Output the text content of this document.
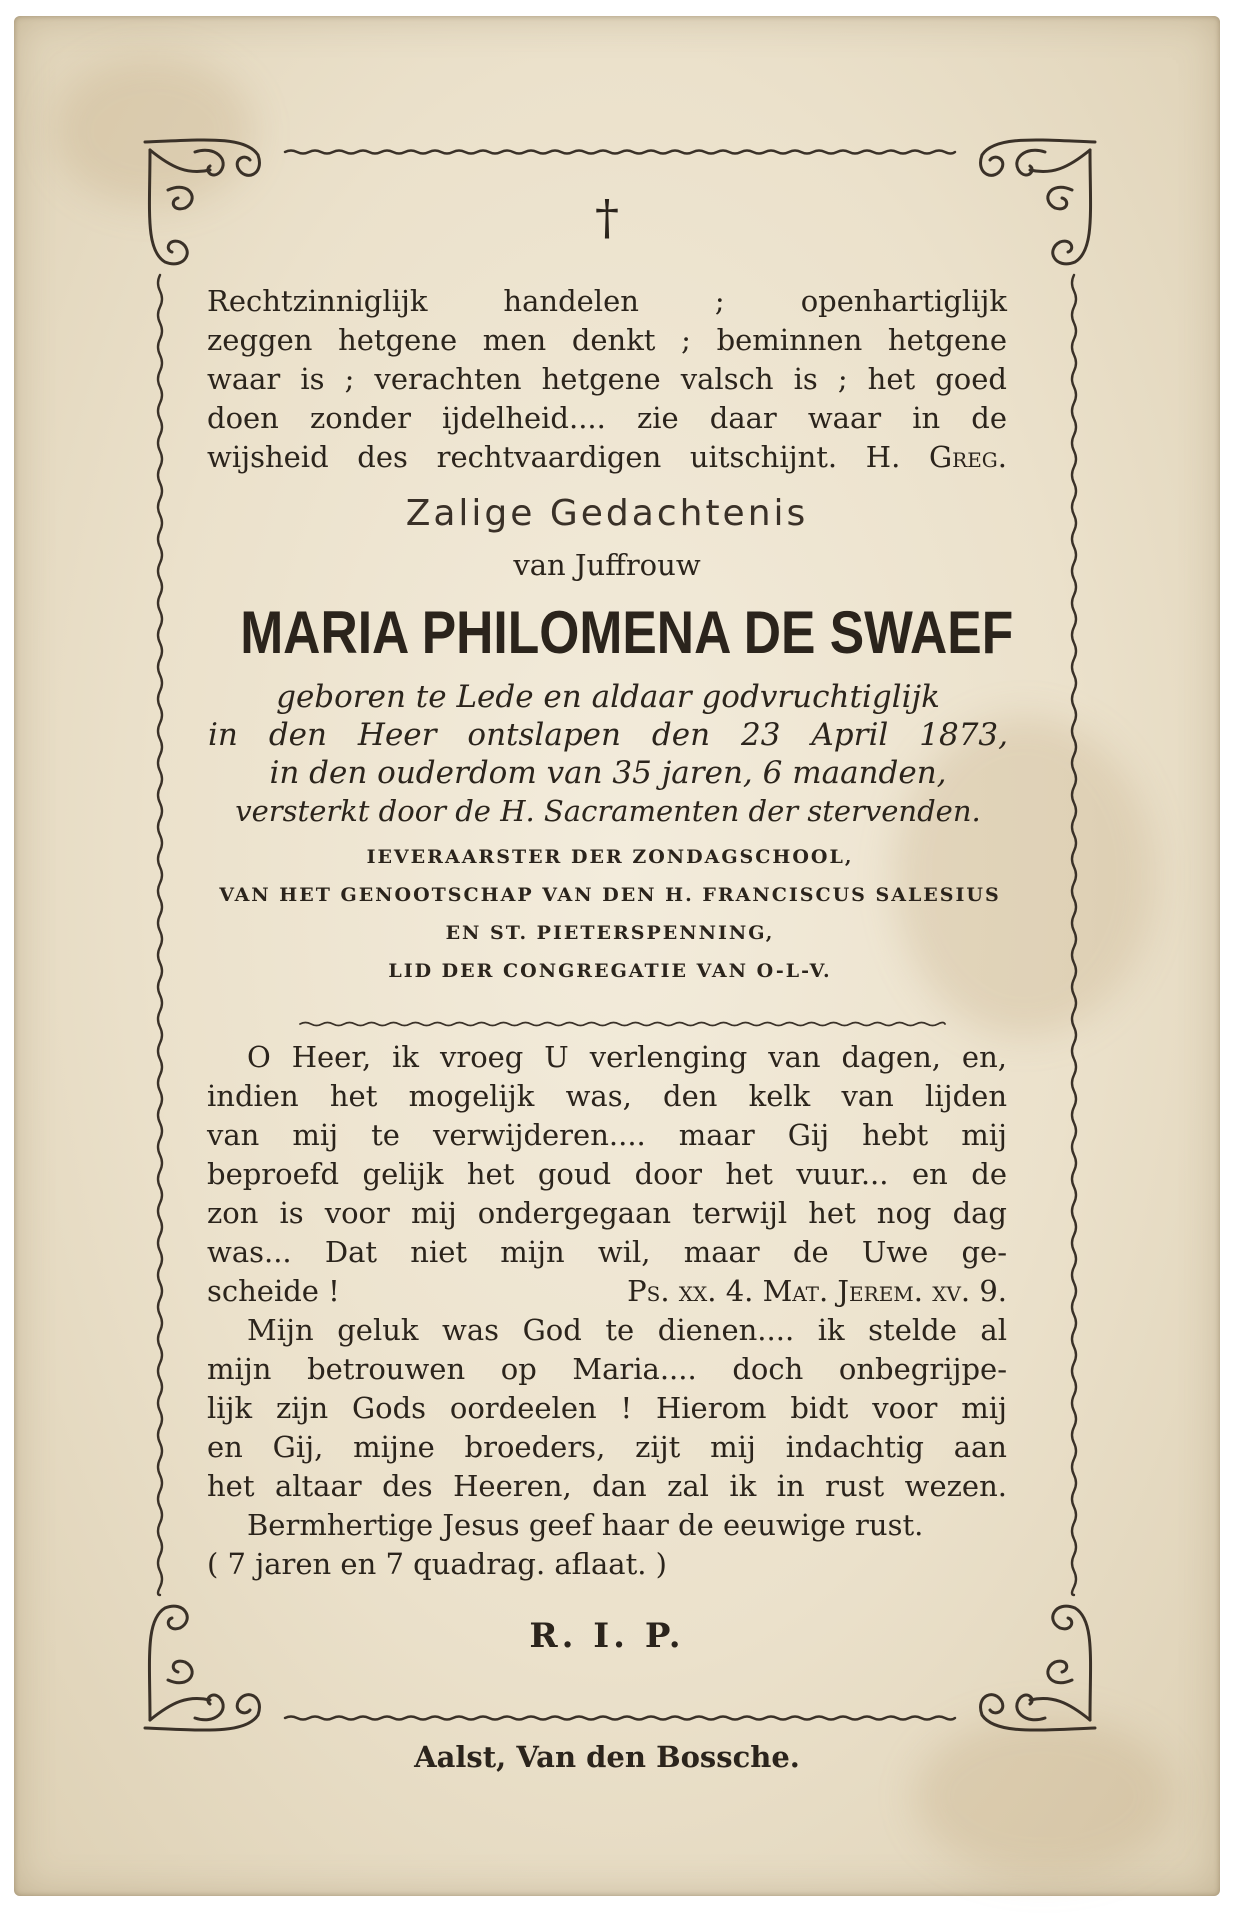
†
Rechtzinniglijk handelen ; openhartiglijk
zeggen hetgene men denkt ; beminnen hetgene
waar is ; verachten hetgene valsch is ; het goed
doen zonder ijdelheid.... zie daar waar in de
wijsheid des rechtvaardigen uitschijnt. H. Greg.
Zalige Gedachtenis
van Juffrouw
MARIA PHILOMENA DE SWAEF
geboren te Lede en aldaar godvruchtiglijk
in den Heer ontslapen den 23 April 1873,
in den ouderdom van 35 jaren, 6 maanden,
versterkt door de H. Sacramenten der stervenden.
IEVERAARSTER DER ZONDAGSCHOOL,
VAN HET GENOOTSCHAP VAN DEN H. FRANCISCUS SALESIUS
EN ST. PIETERSPENNING,
LID DER CONGREGATIE VAN O-L-V.
O Heer, ik vroeg U verlenging van dagen, en,
indien het mogelijk was, den kelk van lijden
van mij te verwijderen.... maar Gij hebt mij
beproefd gelijk het goud door het vuur... en de
zon is voor mij ondergegaan terwijl het nog dag
was... Dat niet mijn wil, maar de Uwe ge-
scheide !	Ps. xx. 4. Mat. Jerem. xv. 9.
Mijn geluk was God te dienen.... ik stelde al
mijn betrouwen op Maria.... doch onbegrijpe-
lijk zijn Gods oordeelen ! Hierom bidt voor mij
en Gij, mijne broeders, zijt mij indachtig aan
het altaar des Heeren, dan zal ik in rust wezen.
Bermhertige Jesus geef haar de eeuwige rust.
( 7 jaren en 7 quadrag. aflaat. )
R. I. P.
Aalst, Van den Bossche.
